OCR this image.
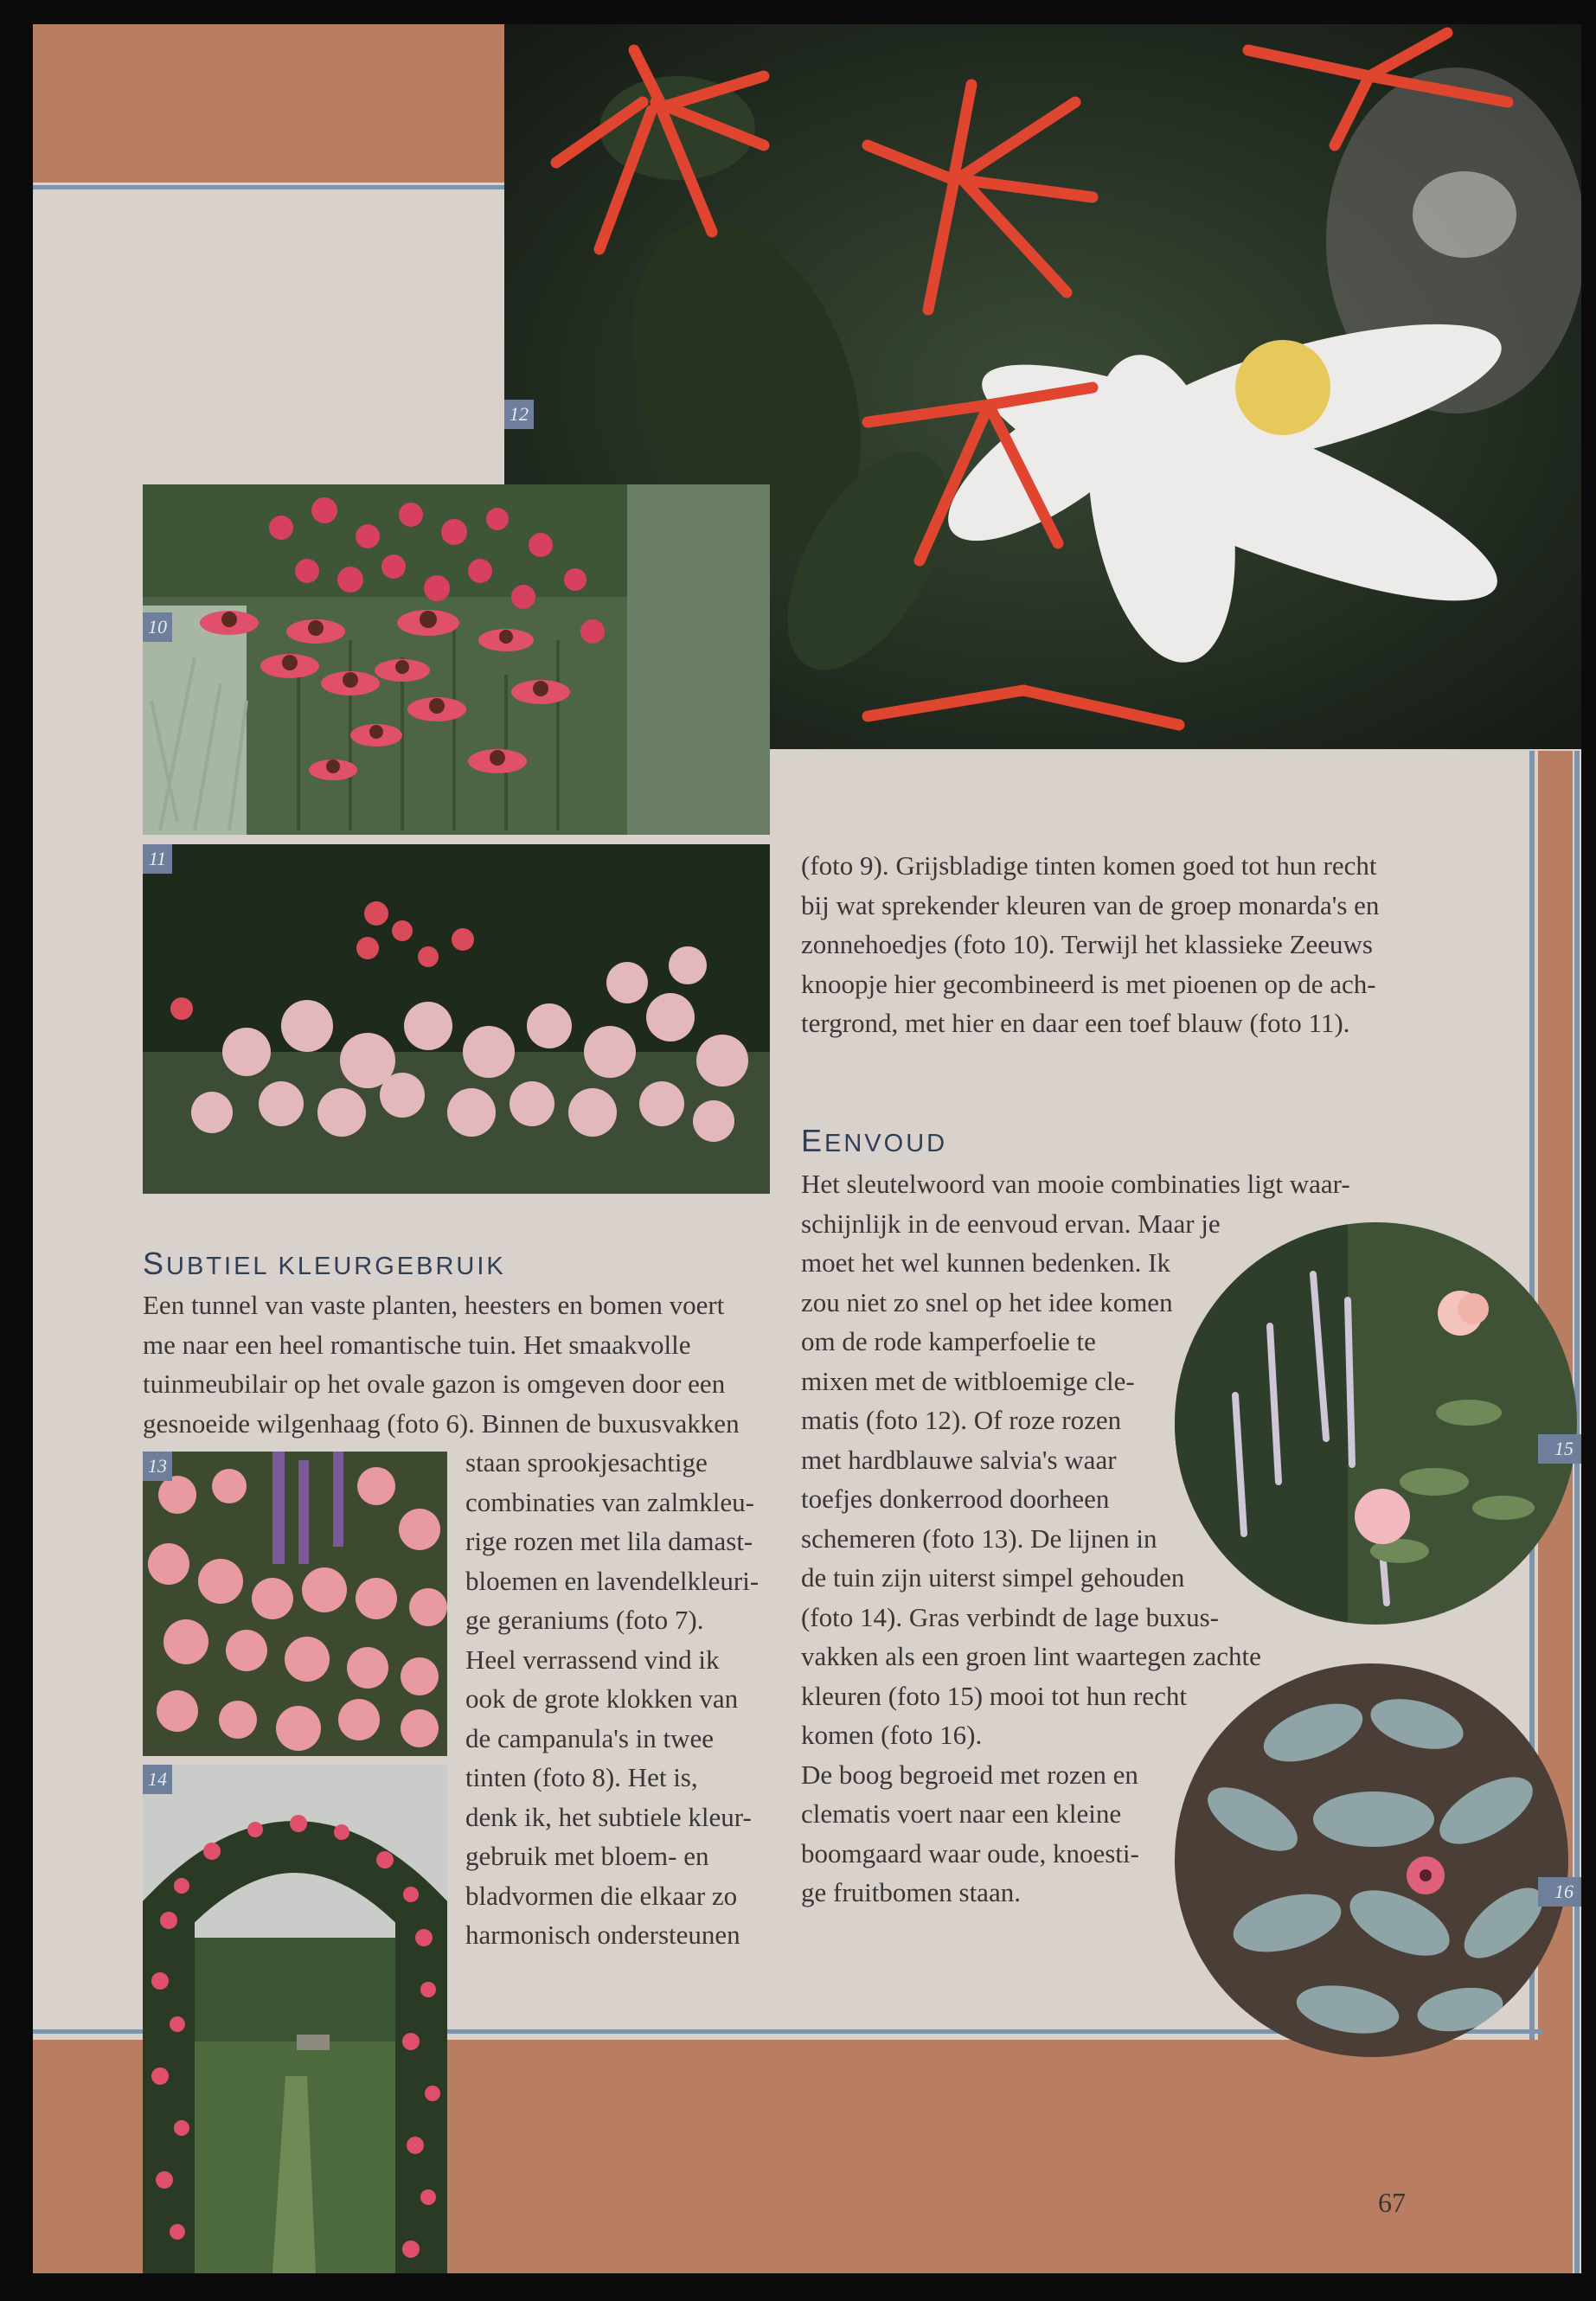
12
10
11
13
14
15
16

(foto 9). Grijsbladige tinten komen goed tot hun recht

bij wat sprekender kleuren van de groep monarda's en

zonnehoedjes (foto 10). Terwijl het klassieke Zeeuws

knoopje hier gecombineerd is met pioenen op de ach-

tergrond, met hier en daar een toef blauw (foto 11).

EENVOUD

Het sleutelwoord van mooie combinaties ligt waar-

schijnlijk in de eenvoud ervan. Maar je

moet het wel kunnen bedenken. Ik

zou niet zo snel op het idee komen

om de rode kamperfoelie te

mixen met de witbloemige cle-

matis (foto 12). Of roze rozen

met hardblauwe salvia's waar

toefjes donkerrood doorheen

schemeren (foto 13). De lijnen in

de tuin zijn uiterst simpel gehouden

(foto 14). Gras verbindt de lage buxus-

vakken als een groen lint waartegen zachte

kleuren (foto 15) mooi tot hun recht

komen (foto 16).

De boog begroeid met rozen en

clematis voert naar een kleine

boomgaard waar oude, knoesti-

ge fruitbomen staan.

SUBTIEL KLEURGEBRUIK

Een tunnel van vaste planten, heesters en bomen voert

me naar een heel romantische tuin. Het smaakvolle

tuinmeubilair op het ovale gazon is omgeven door een

gesnoeide wilgenhaag (foto 6). Binnen de buxusvakken

staan sprookjesachtige

combinaties van zalmkleu-

rige rozen met lila damast-

bloemen en lavendelkleuri-

ge geraniums (foto 7).

Heel verrassend vind ik

ook de grote klokken van

de campanula's in twee

tinten (foto 8). Het is,

denk ik, het subtiele kleur-

gebruik met bloem- en

bladvormen die elkaar zo

harmonisch ondersteunen

67
